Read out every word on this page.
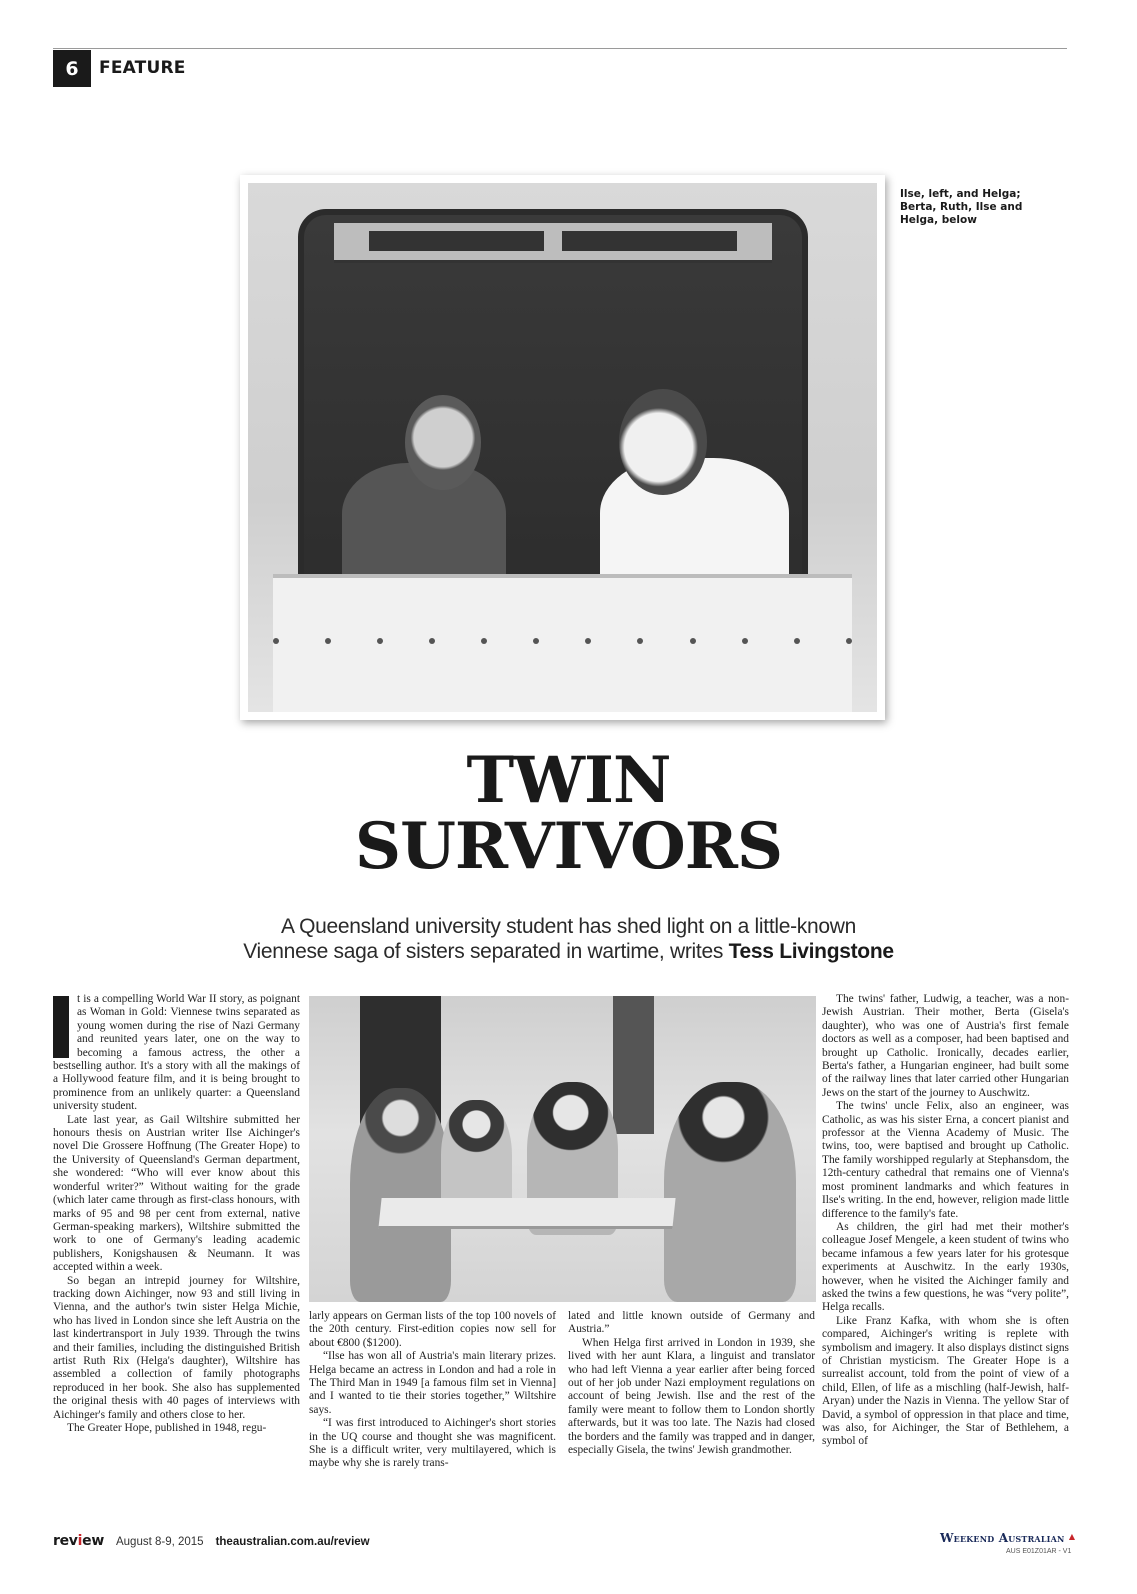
6	FEATURE
Ilse, left, and Helga; Berta, Ruth, Ilse and Helga, below
TWIN
SURVIVORS
A Queensland university student has shed light on a little-known
Viennese saga of sisters separated in wartime, writes Tess Livingstone

t is a compelling World War II story, as poignant as Woman in Gold: Viennese twins separated as young women during the rise of Nazi Germany and reunited years later, one on the way to becoming a famous actress, the other a bestselling author. It's a story with all the makings of a Hollywood feature film, and it is being brought to prominence from an unlikely quarter: a Queensland university student.

Late last year, as Gail Wiltshire submitted her honours thesis on Austrian writer Ilse Aichinger's novel Die Grossere Hoffnung (The Greater Hope) to the University of Queensland's German department, she wondered: “Who will ever know about this wonderful writer?” Without waiting for the grade (which later came through as first-class honours, with marks of 95 and 98 per cent from external, native German-speaking markers), Wiltshire submitted the work to one of Germany's leading academic publishers, Konigshausen & Neumann. It was accepted within a week.

So began an intrepid journey for Wiltshire, tracking down Aichinger, now 93 and still living in Vienna, and the author's twin sister Helga Michie, who has lived in London since she left Austria on the last kindertransport in July 1939. Through the twins and their families, including the distinguished British artist Ruth Rix (Helga's daughter), Wiltshire has assembled a collection of family photographs reproduced in her book. She also has supplemented the original thesis with 40 pages of interviews with Aichinger's family and others close to her.

The Greater Hope, published in 1948, regu-

larly appears on German lists of the top 100 novels of the 20th century. First-edition copies now sell for about €800 ($1200).

“Ilse has won all of Austria's main literary prizes. Helga became an actress in London and had a role in The Third Man in 1949 [a famous film set in Vienna] and I wanted to tie their stories together,” Wiltshire says.

“I was first introduced to Aichinger's short stories in the UQ course and thought she was magnificent. She is a difficult writer, very multilayered, which is maybe why she is rarely trans-

lated and little known outside of Germany and Austria.”

When Helga first arrived in London in 1939, she lived with her aunt Klara, a linguist and translator who had left Vienna a year earlier after being forced out of her job under Nazi employment regulations on account of being Jewish. Ilse and the rest of the family were meant to follow them to London shortly afterwards, but it was too late. The Nazis had closed the borders and the family was trapped and in danger, especially Gisela, the twins' Jewish grandmother.

The twins' father, Ludwig, a teacher, was a non-Jewish Austrian. Their mother, Berta (Gisela's daughter), who was one of Austria's first female doctors as well as a composer, had been baptised and brought up Catholic. Ironically, decades earlier, Berta's father, a Hungarian engineer, had built some of the railway lines that later carried other Hungarian Jews on the start of the journey to Auschwitz.

The twins' uncle Felix, also an engineer, was Catholic, as was his sister Erna, a concert pianist and professor at the Vienna Academy of Music. The twins, too, were baptised and brought up Catholic. The family worshipped regularly at Stephansdom, the 12th-century cathedral that remains one of Vienna's most prominent landmarks and which features in Ilse's writing. In the end, however, religion made little difference to the family's fate.

As children, the girl had met their mother's colleague Josef Mengele, a keen student of twins who became infamous a few years later for his grotesque experiments at Auschwitz. In the early 1930s, however, when he visited the Aichinger family and asked the twins a few questions, he was “very polite”, Helga recalls.

Like Franz Kafka, with whom she is often compared, Aichinger's writing is replete with symbolism and imagery. It also displays distinct signs of Christian mysticism. The Greater Hope is a surrealist account, told from the point of view of a child, Ellen, of life as a mischling (half-Jewish, half-Aryan) under the Nazis in Vienna. The yellow Star of David, a symbol of oppression in that place and time, was also, for Aichinger, the Star of Bethlehem, a symbol of

review August 8-9, 2015 theaustralian.com.au/review	Weekend Australian ▲
AUS E01Z01AR - V1
